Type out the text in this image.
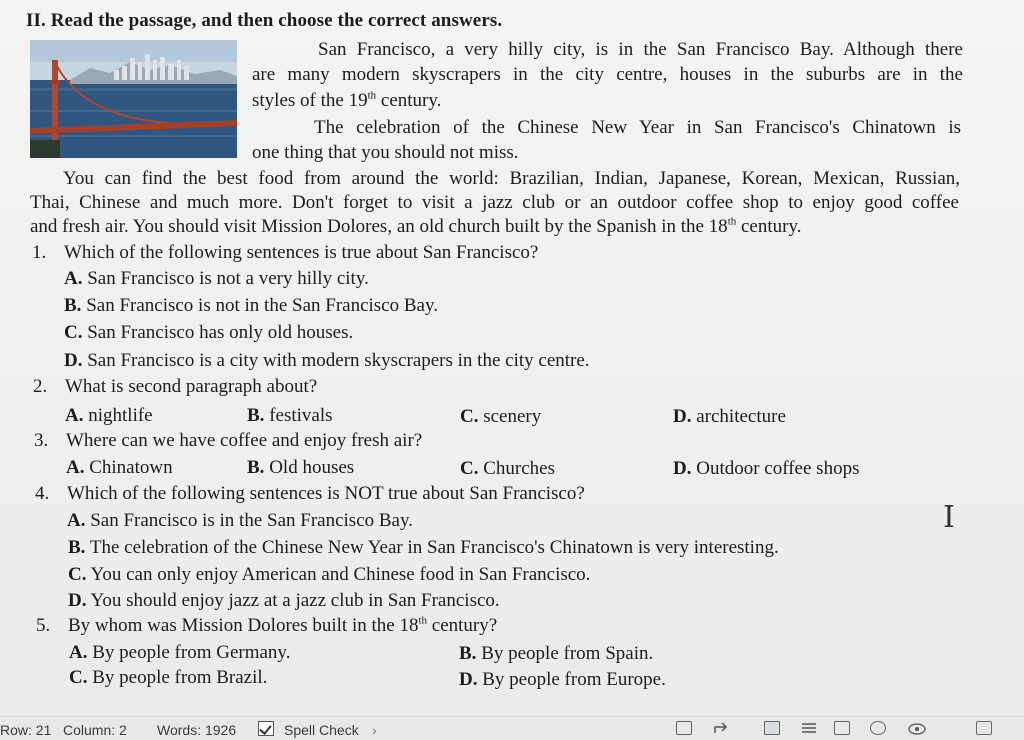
II. Read the passage, and then choose the correct answers.
San Francisco, a very hilly city, is in the San Francisco Bay. Although there
are many modern skyscrapers in the city centre, houses in the suburbs are in the
styles of the 19th century.
The celebration of the Chinese New Year in San Francisco's Chinatown is
one thing that you should not miss.
You can find the best food from around the world: Brazilian, Indian, Japanese, Korean, Mexican, Russian,
Thai, Chinese and much more. Don't forget to visit a jazz club or an outdoor coffee shop to enjoy good coffee
and fresh air. You should visit Mission Dolores, an old church built by the Spanish in the 18th century.
1. Which of the following sentences is true about San Francisco?
A. San Francisco is not a very hilly city.
B. San Francisco is not in the San Francisco Bay.
C. San Francisco has only old houses.
D. San Francisco is a city with modern skyscrapers in the city centre.
2. What is second paragraph about?
A. nightlife	B. festivals	C. scenery	D. architecture
3. Where can we have coffee and enjoy fresh air?
A. Chinatown	B. Old houses	C. Churches	D. Outdoor coffee shops
4. Which of the following sentences is NOT true about San Francisco?
A. San Francisco is in the San Francisco Bay.
B. The celebration of the Chinese New Year in San Francisco's Chinatown is very interesting.
C. You can only enjoy American and Chinese food in San Francisco.
D. You should enjoy jazz at a jazz club in San Francisco.
5. By whom was Mission Dolores built in the 18th century?
A. By people from Germany.	B. By people from Spain.
C. By people from Brazil.	D. By people from Europe.
I
Row: 21 Column: 2 Words: 1926	Spell Check ›
